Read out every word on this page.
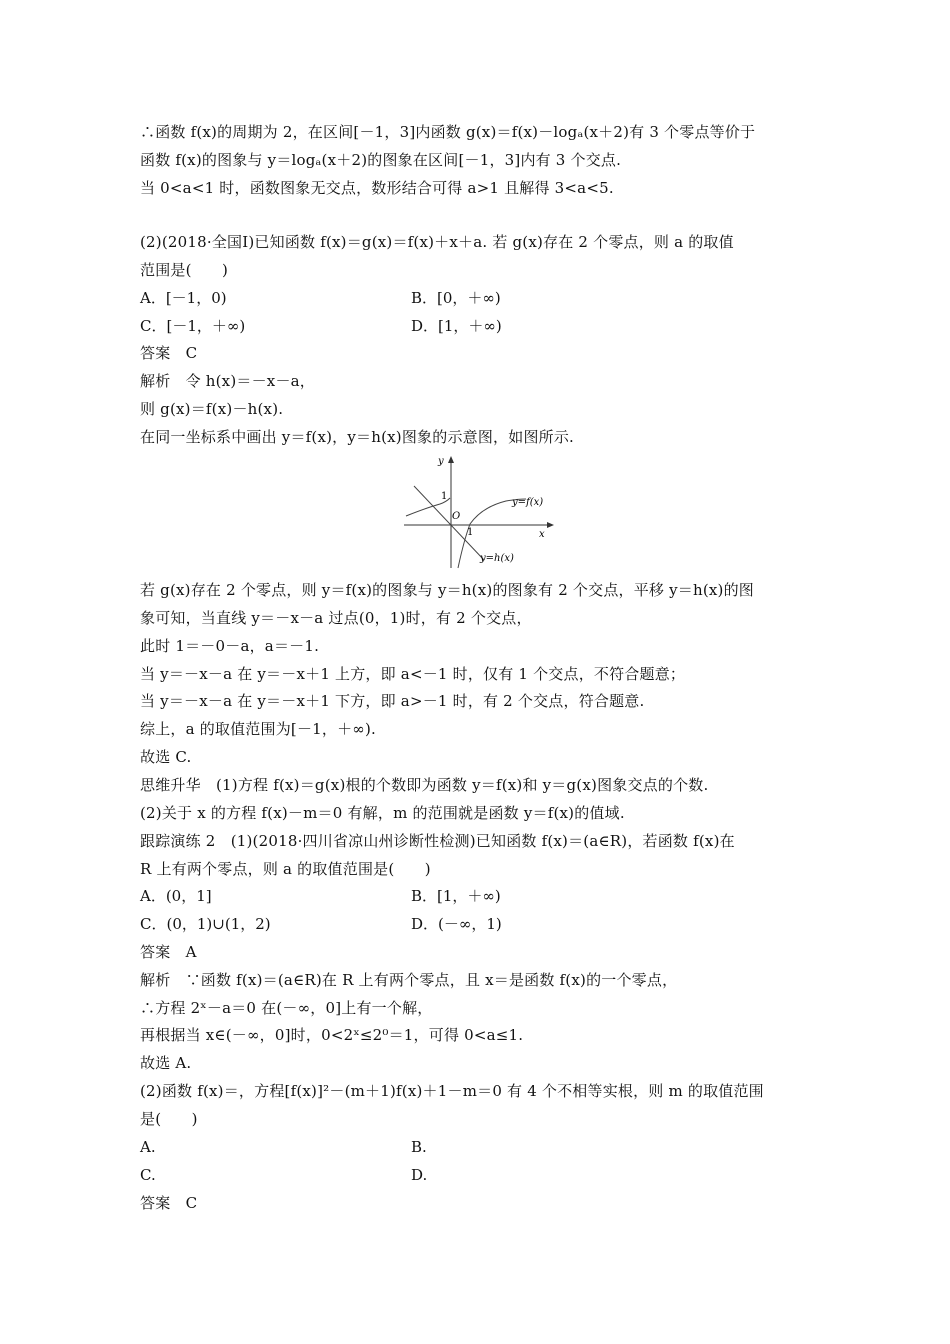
∴函数 f(x)的周期为 2，在区间[－1，3]内函数 g(x)＝f(x)－logₐ(x＋2)有 3 个零点等价于
函数 f(x)的图象与 y＝logₐ(x＋2)的图象在区间[－1，3]内有 3 个交点.
当 0<a<1 时，函数图象无交点，数形结合可得 a>1 且解得 3<a<5.
(2)(2018·全国Ⅰ)已知函数 f(x)＝g(x)＝f(x)＋x＋a. 若 g(x)存在 2 个零点，则 a 的取值
范围是(　　)
A．[－1，0)	B．[0，＋∞)
C．[－1，＋∞)	D．[1，＋∞)
答案　C
解析　令 h(x)＝－x－a，
则 g(x)＝f(x)－h(x).
在同一坐标系中画出 y＝f(x)，y＝h(x)图象的示意图，如图所示.
y
x
1
O
1
y=f(x)
y=h(x)
若 g(x)存在 2 个零点，则 y＝f(x)的图象与 y＝h(x)的图象有 2 个交点，平移 y＝h(x)的图
象可知，当直线 y＝－x－a 过点(0，1)时，有 2 个交点，
此时 1＝－0－a，a＝－1.
当 y＝－x－a 在 y＝－x＋1 上方，即 a<－1 时，仅有 1 个交点，不符合题意；
当 y＝－x－a 在 y＝－x＋1 下方，即 a>－1 时，有 2 个交点，符合题意.
综上，a 的取值范围为[－1，＋∞).
故选 C.
思维升华　(1)方程 f(x)＝g(x)根的个数即为函数 y＝f(x)和 y＝g(x)图象交点的个数.
(2)关于 x 的方程 f(x)－m＝0 有解，m 的范围就是函数 y＝f(x)的值域.
跟踪演练 2　(1)(2018·四川省凉山州诊断性检测)已知函数 f(x)＝(a∈R)，若函数 f(x)在
R 上有两个零点，则 a 的取值范围是(　　)
A．(0，1]	B．[1，＋∞)
C．(0，1)∪(1，2)	D．(－∞，1)
答案　A
解析　∵函数 f(x)＝(a∈R)在 R 上有两个零点，且 x＝是函数 f(x)的一个零点，
∴方程 2ˣ－a＝0 在(－∞，0]上有一个解，
再根据当 x∈(－∞，0]时，0<2ˣ≤2⁰＝1，可得 0<a≤1.
故选 A.
(2)函数 f(x)＝，方程[f(x)]²－(m＋1)f(x)＋1－m＝0 有 4 个不相等实根，则 m 的取值范围
是(　　)
A.	B.
C.	D.
答案　C
